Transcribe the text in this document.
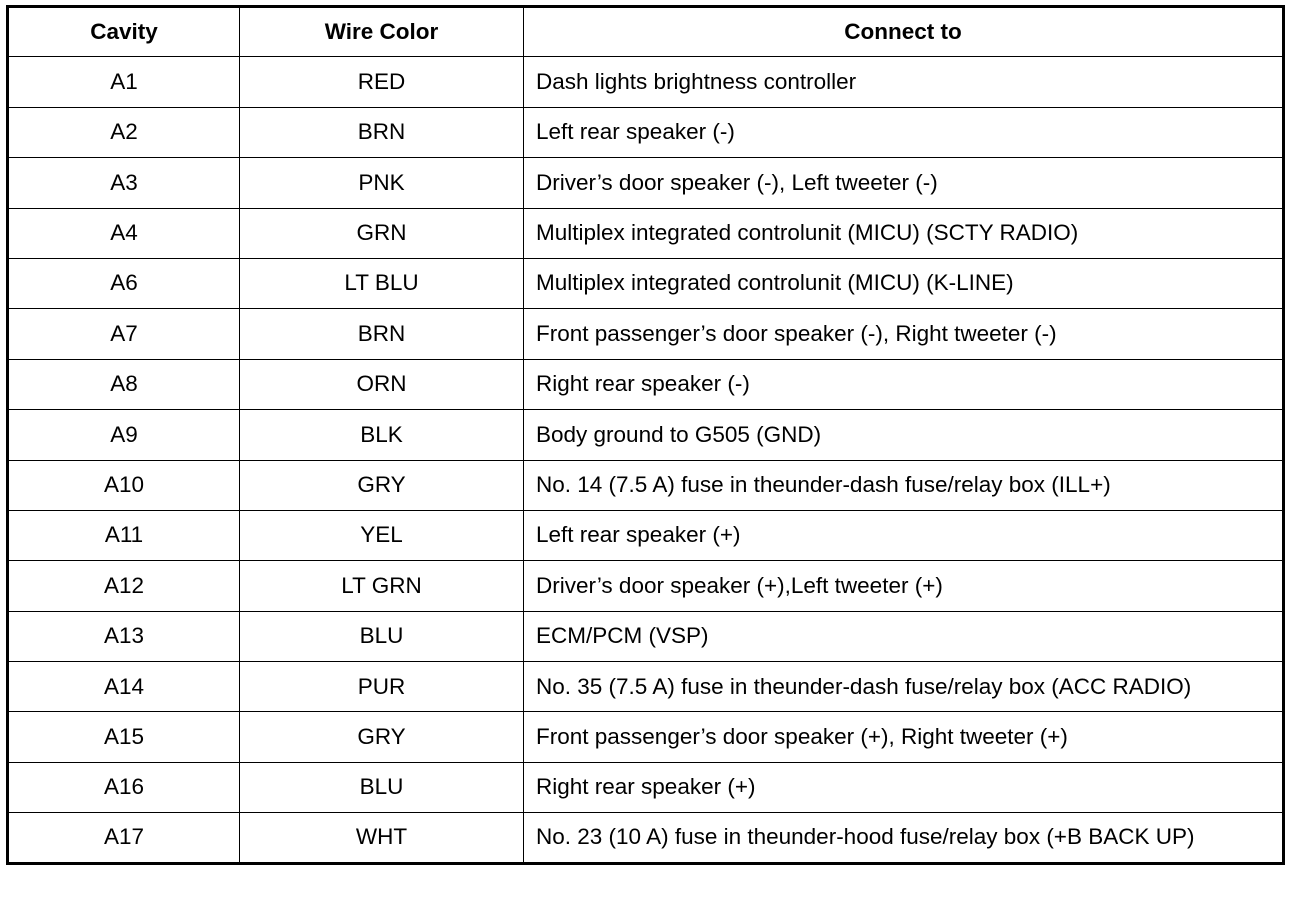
Cavity	Wire Color	Connect to
A1	RED	Dash lights brightness controller
A2	BRN	Left rear speaker (-)
A3	PNK	Driver’s door speaker (-), Left tweeter (-)
A4	GRN	Multiplex integrated controlunit (MICU) (SCTY RADIO)
A6	LT BLU	Multiplex integrated controlunit (MICU) (K-LINE)
A7	BRN	Front passenger’s door speaker (-), Right tweeter (-)
A8	ORN	Right rear speaker (-)
A9	BLK	Body ground to G505 (GND)
A10	GRY	No. 14 (7.5 A) fuse in theunder-dash fuse/relay box (ILL+)
A11	YEL	Left rear speaker (+)
A12	LT GRN	Driver’s door speaker (+),Left tweeter (+)
A13	BLU	ECM/PCM (VSP)
A14	PUR	No. 35 (7.5 A) fuse in theunder-dash fuse/relay box (ACC RADIO)
A15	GRY	Front passenger’s door speaker (+), Right tweeter (+)
A16	BLU	Right rear speaker (+)
A17	WHT	No. 23 (10 A) fuse in theunder-hood fuse/relay box (+B BACK UP)
